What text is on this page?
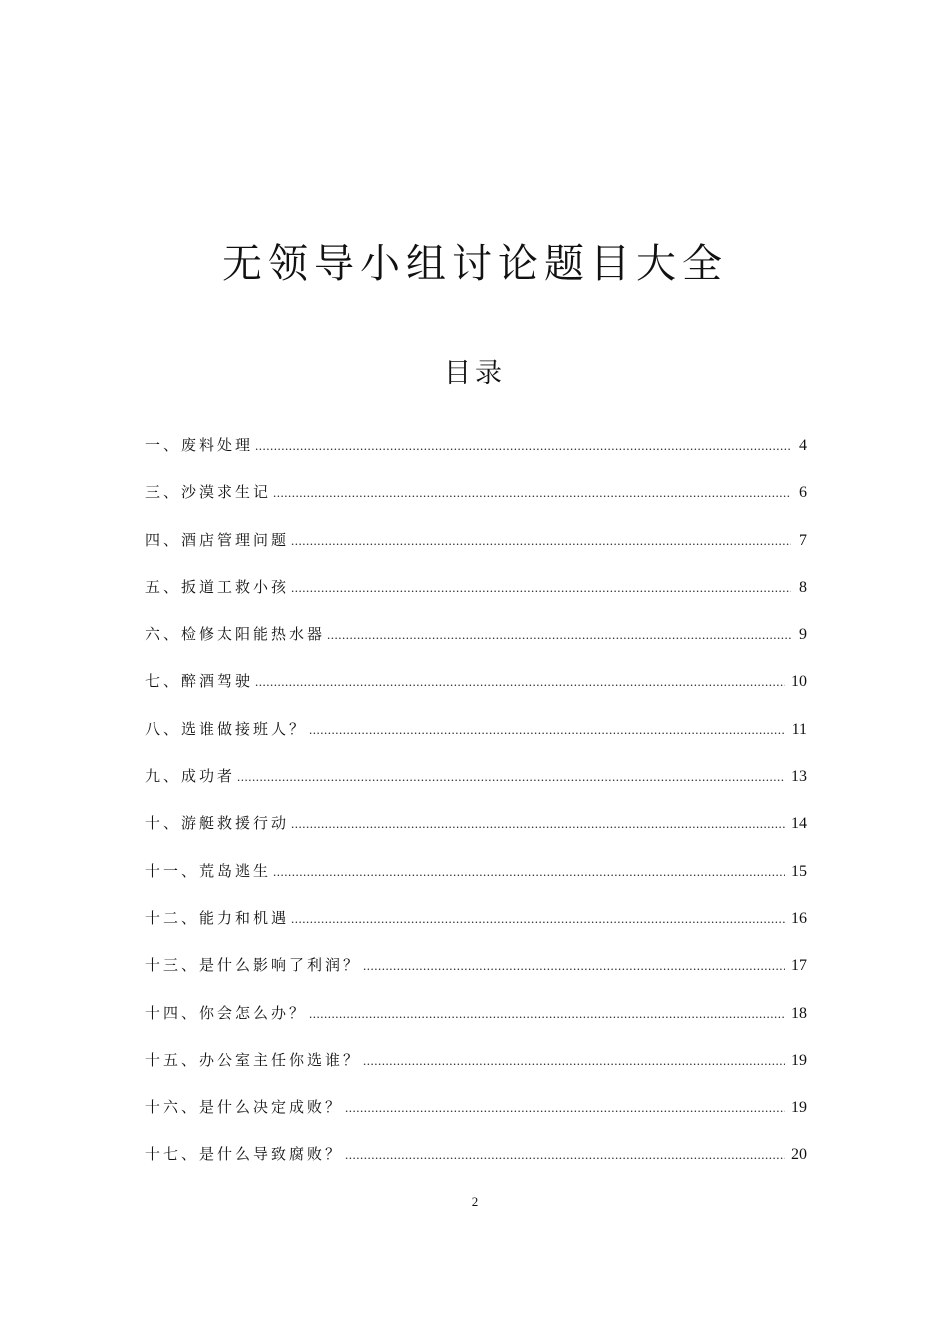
无领导小组讨论题目大全
目录
一、废料处理 .....	4
三、沙漠求生记 .....	6
四、酒店管理问题 .....	7
五、扳道工救小孩 .....	8
六、检修太阳能热水器 .....	9
七、醉酒驾驶 .....	10
八、选谁做接班人？ .....	11
九、成功者 .....	13
十、游艇救援行动 .....	14
十一、荒岛逃生 .....	15
十二、能力和机遇 .....	16
十三、是什么影响了利润？ .....	17
十四、你会怎么办？ .....	18
十五、办公室主任你选谁？ .....	19
十六、是什么决定成败？ .....	19
十七、是什么导致腐败？ .....	20
2
